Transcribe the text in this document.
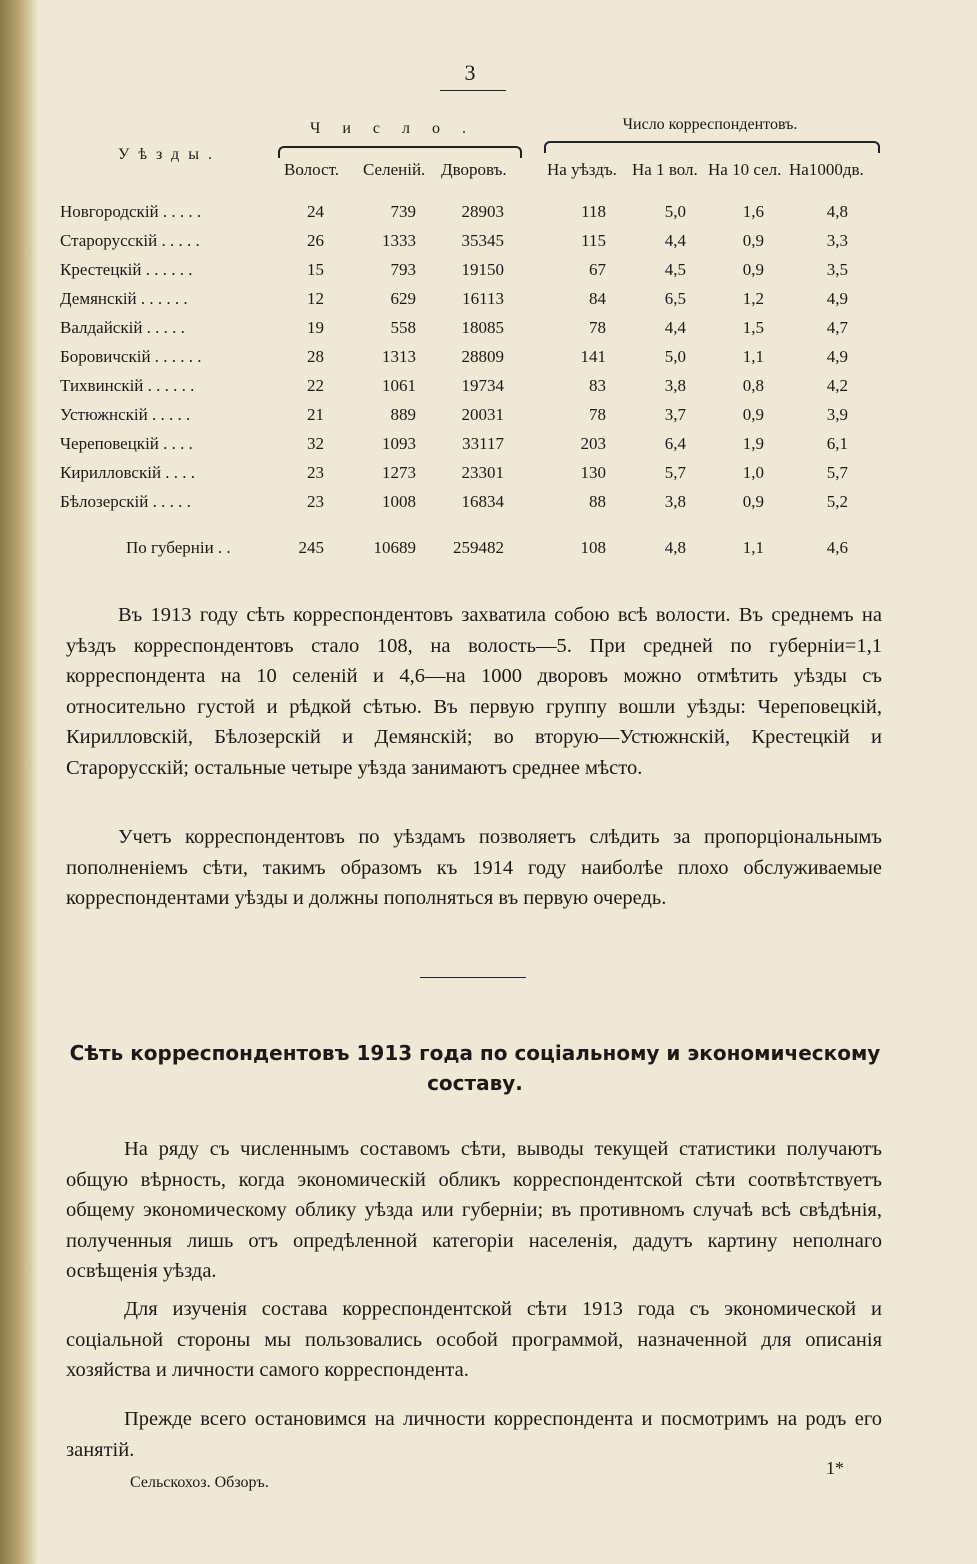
3
Уѣзды.
Число.	Число корреспондентовъ.
Волост. Селеній. Дворовъ. На уѣздъ. На 1 вол. На 10 сел. На1000дв.
Новгородскій . . . . .	24	739	28903	118	5,0	1,6	4,8
Старорусскій . . . . .	26	1333	35345	115	4,4	0,9	3,3
Крестецкій . . . . . .	15	793	19150	67	4,5	0,9	3,5
Демянскій . . . . . .	12	629	16113	84	6,5	1,2	4,9
Валдайскій . . . . .	19	558	18085	78	4,4	1,5	4,7
Боровичскій . . . . . .	28	1313	28809	141	5,0	1,1	4,9
Тихвинскій . . . . . .	22	1061	19734	83	3,8	0,8	4,2
Устюжнскій . . . . .	21	889	20031	78	3,7	0,9	3,9
Череповецкій . . . .	32	1093	33117	203	6,4	1,9	6,1
Кирилловскій . . . .	23	1273	23301	130	5,7	1,0	5,7
Бѣлозерскій . . . . .	23	1008	16834	88	3,8	0,9	5,2
По губерніи . .	245	10689	259482	108	4,8	1,1	4,6

Въ 1913 году сѣть корреспондентовъ захватила собою всѣ волости. Въ среднемъ на уѣздъ корреспондентовъ стало 108, на волость—5. При средней по губерніи=1,1 корреспондента на 10 селеній и 4,6—на 1000 дворовъ можно отмѣтить уѣзды съ относительно густой и рѣдкой сѣтью. Въ первую группу вошли уѣзды: Череповецкій, Кирилловскій, Бѣлозерскій и Демянскій; во вторую—Устюжнскій, Крестецкій и Старорусскій; остальные четыре уѣзда занимаютъ среднее мѣсто.

Учетъ корреспондентовъ по уѣздамъ позволяетъ слѣдить за пропорціональнымъ пополненіемъ сѣти, такимъ образомъ къ 1914 году наиболѣе плохо обслуживаемые корреспондентами уѣзды и должны пополняться въ первую очередь.

Сѣть корреспондентовъ 1913 года по соціальному и экономическому составу.

На ряду съ численнымъ составомъ сѣти, выводы текущей статистики получаютъ общую вѣрность, когда экономическій обликъ корреспондентской сѣти соотвѣтствуетъ общему экономическому облику уѣзда или губерніи; въ противномъ случаѣ всѣ свѣдѣнія, полученныя лишь отъ опредѣленной категоріи населенія, дадутъ картину неполнаго освѣщенія уѣзда.

Для изученія состава корреспондентской сѣти 1913 года съ экономической и соціальной стороны мы пользовались особой программой, назначенной для описанія хозяйства и личности самого корреспондента.

Прежде всего остановимся на личности корреспондента и посмотримъ на родъ его занятій.

Сельскохоз. Обзоръ.
1*
